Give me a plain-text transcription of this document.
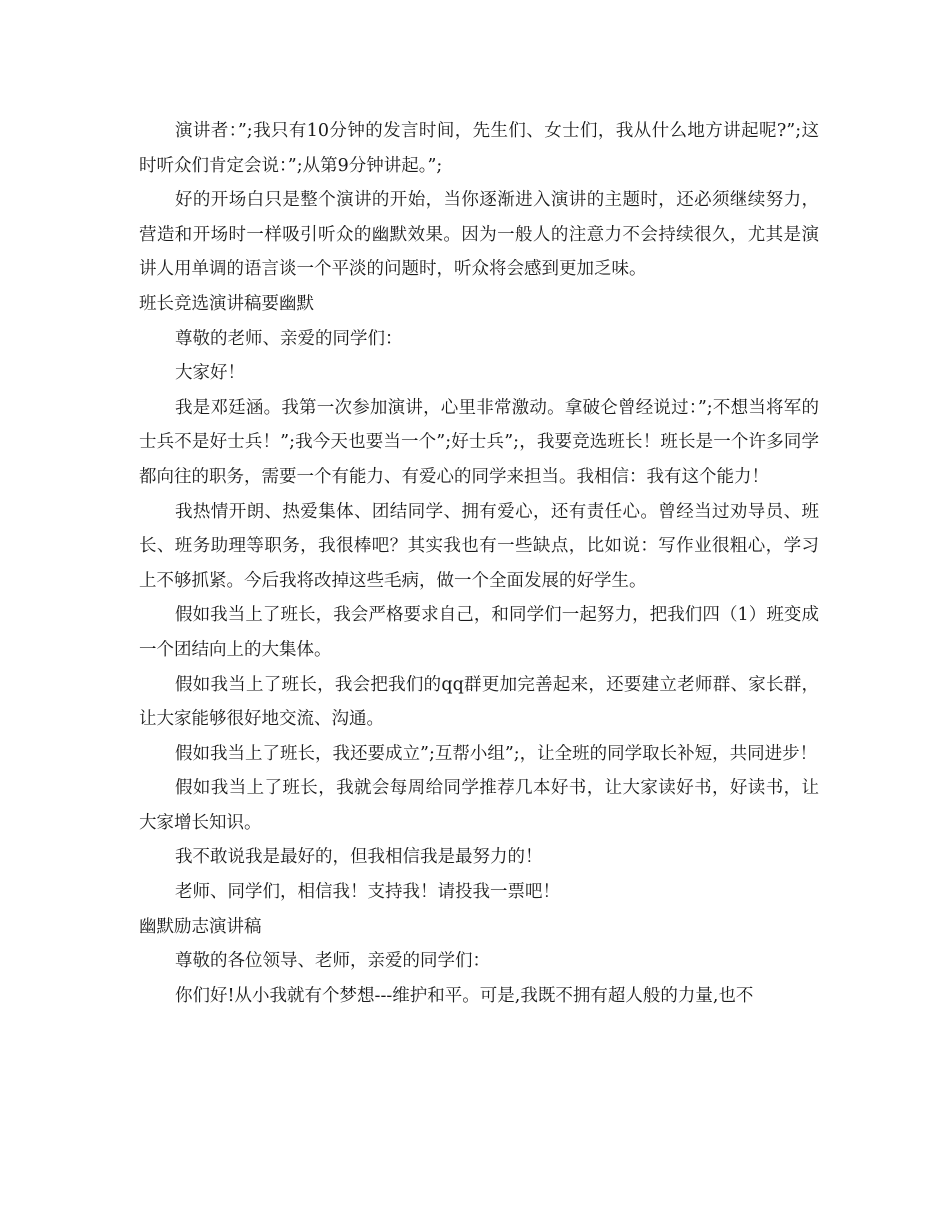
演讲者：”;我只有10分钟的发言时间，先生们、女士们，我从什么地方讲起呢?”;这时听众们肯定会说：”;从第9分钟讲起。”;

好的开场白只是整个演讲的开始，当你逐渐进入演讲的主题时，还必须继续努力，营造和开场时一样吸引听众的幽默效果。因为一般人的注意力不会持续很久，尤其是演讲人用单调的语言谈一个平淡的问题时，听众将会感到更加乏味。

班长竞选演讲稿要幽默

尊敬的老师、亲爱的同学们：

大家好！

我是邓廷涵。我第一次参加演讲，心里非常激动。拿破仑曾经说过：”;不想当将军的士兵不是好士兵！”;我今天也要当一个”;好士兵”;，我要竞选班长！班长是一个许多同学都向往的职务，需要一个有能力、有爱心的同学来担当。我相信：我有这个能力！

我热情开朗、热爱集体、团结同学、拥有爱心，还有责任心。曾经当过劝导员、班长、班务助理等职务，我很棒吧？其实我也有一些缺点，比如说：写作业很粗心，学习上不够抓紧。今后我将改掉这些毛病，做一个全面发展的好学生。

假如我当上了班长，我会严格要求自己，和同学们一起努力，把我们四（1）班变成一个团结向上的大集体。

假如我当上了班长，我会把我们的qq群更加完善起来，还要建立老师群、家长群，让大家能够很好地交流、沟通。

假如我当上了班长，我还要成立”;互帮小组”;，让全班的同学取长补短，共同进步！

假如我当上了班长，我就会每周给同学推荐几本好书，让大家读好书，好读书，让大家增长知识。

我不敢说我是最好的，但我相信我是最努力的！

老师、同学们，相信我！支持我！请投我一票吧！

幽默励志演讲稿

尊敬的各位领导、老师，亲爱的同学们：

你们好!从小我就有个梦想---维护和平。可是,我既不拥有超人般的力量,也不
